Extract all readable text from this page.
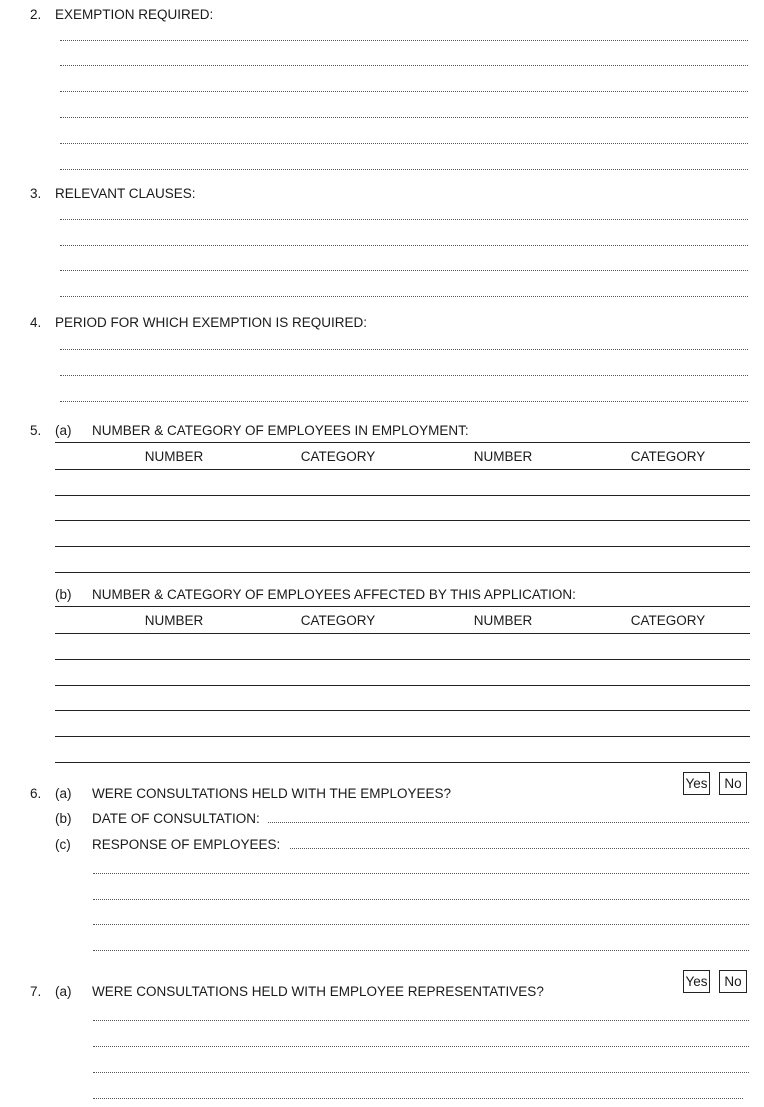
2. EXEMPTION REQUIRED:
3. RELEVANT CLAUSES:
4. PERIOD FOR WHICH EXEMPTION IS REQUIRED:
5. (a) NUMBER & CATEGORY OF EMPLOYEES IN EMPLOYMENT:
NUMBER	CATEGORY	NUMBER	CATEGORY
(b) NUMBER & CATEGORY OF EMPLOYEES AFFECTED BY THIS APPLICATION:
NUMBER	CATEGORY	NUMBER	CATEGORY
Yes	No
6. (a) WERE CONSULTATIONS HELD WITH THE EMPLOYEES?
(b) DATE OF CONSULTATION:
(c) RESPONSE OF EMPLOYEES:
Yes	No
7. (a) WERE CONSULTATIONS HELD WITH EMPLOYEE REPRESENTATIVES?
